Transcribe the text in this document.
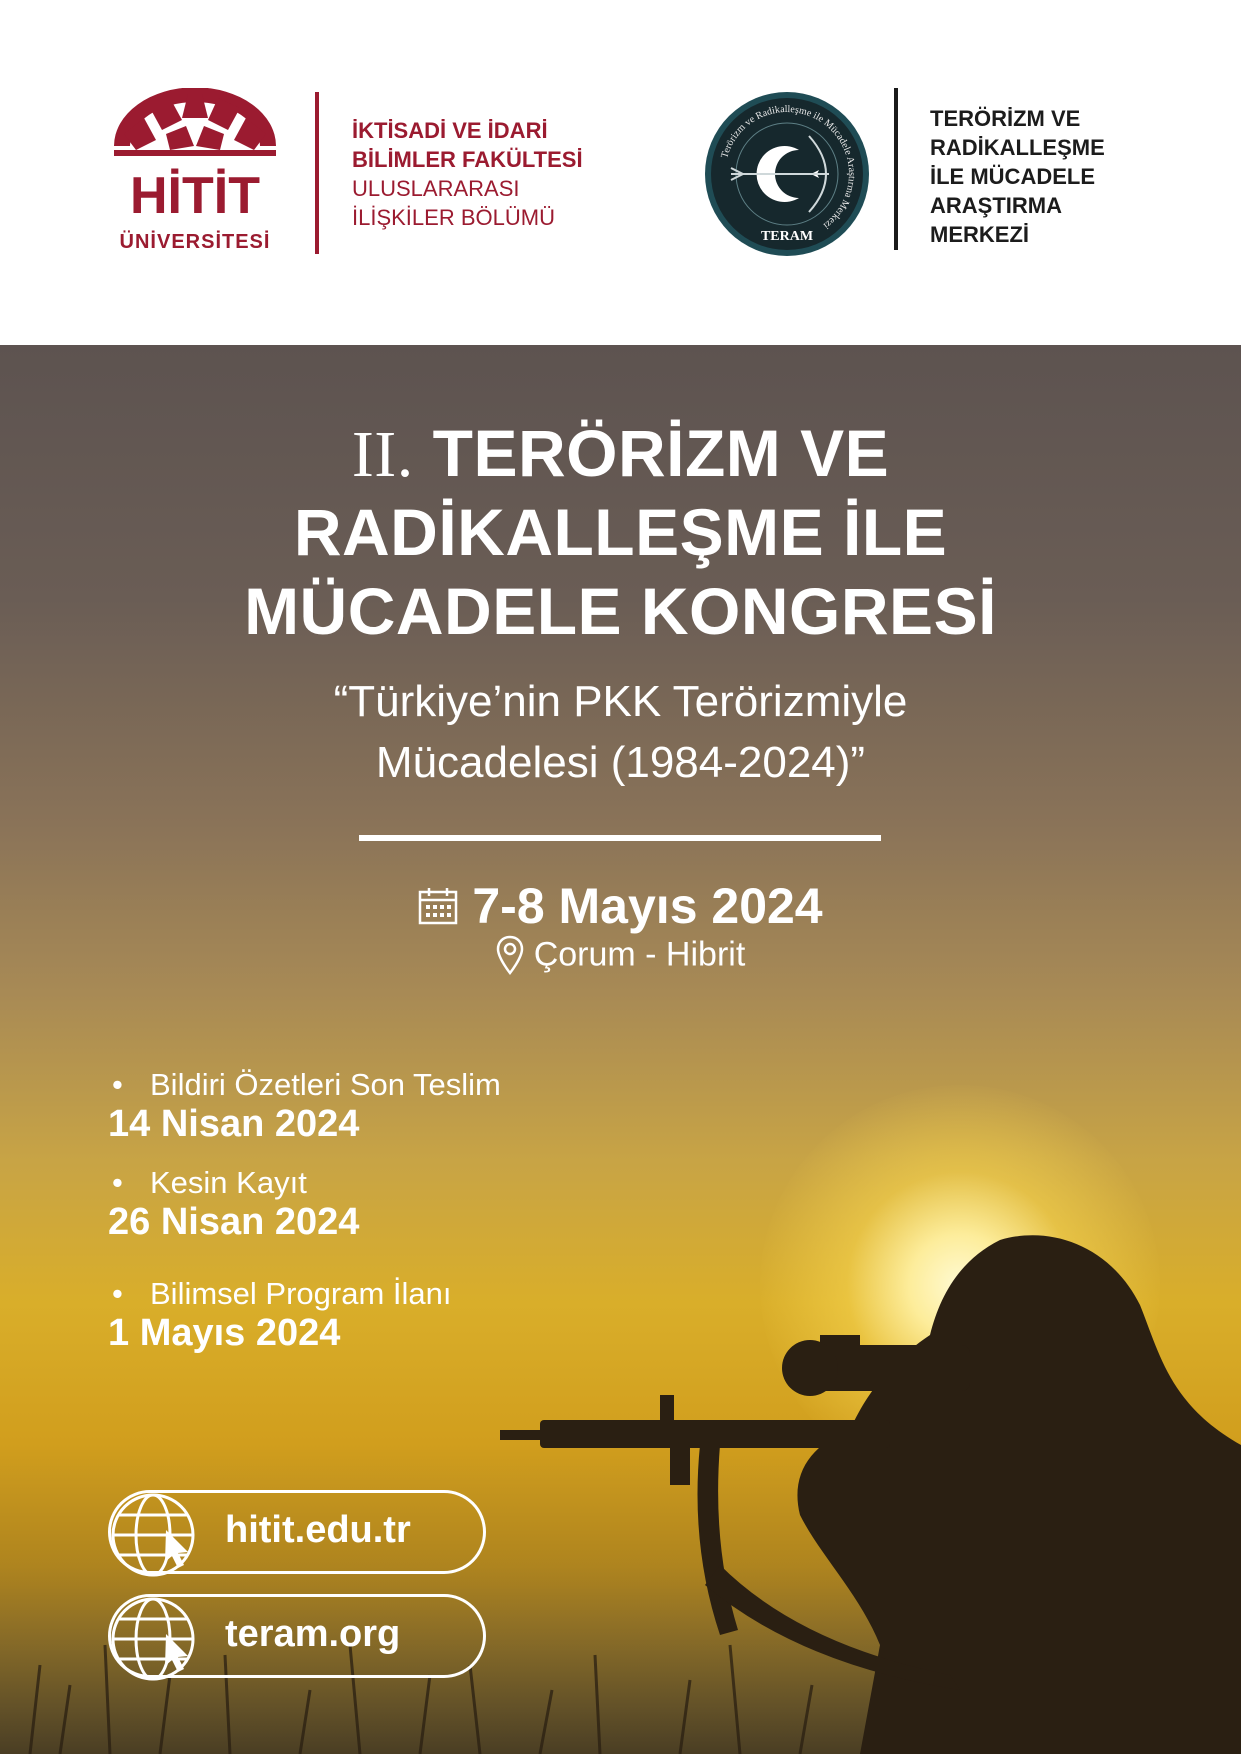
HİTİT
ÜNİVERSİTESİ
İKTİSADİ VE İDARİ
BİLİMLER FAKÜLTESİ
ULUSLARARASI
İLİŞKİLER BÖLÜMÜ
Terörizm ve Radikalleşme ile Mücadele Araştırma Merkezi
TERAM
TERÖRİZM VE
RADİKALLEŞME
İLE MÜCADELE
ARAŞTIRMA
MERKEZİ
II. TERÖRİZM VE
RADİKALLEŞME İLE
MÜCADELE KONGRESİ
“Türkiye’nin PKK Terörizmiyle
Mücadelesi (1984-2024)”
7-8 Mayıs 2024
Çorum - Hibrit
• Bildiri Özetleri Son Teslim
14 Nisan 2024
• Kesin Kayıt
26 Nisan 2024
• Bilimsel Program İlanı
1 Mayıs 2024
hitit.edu.tr
teram.org
